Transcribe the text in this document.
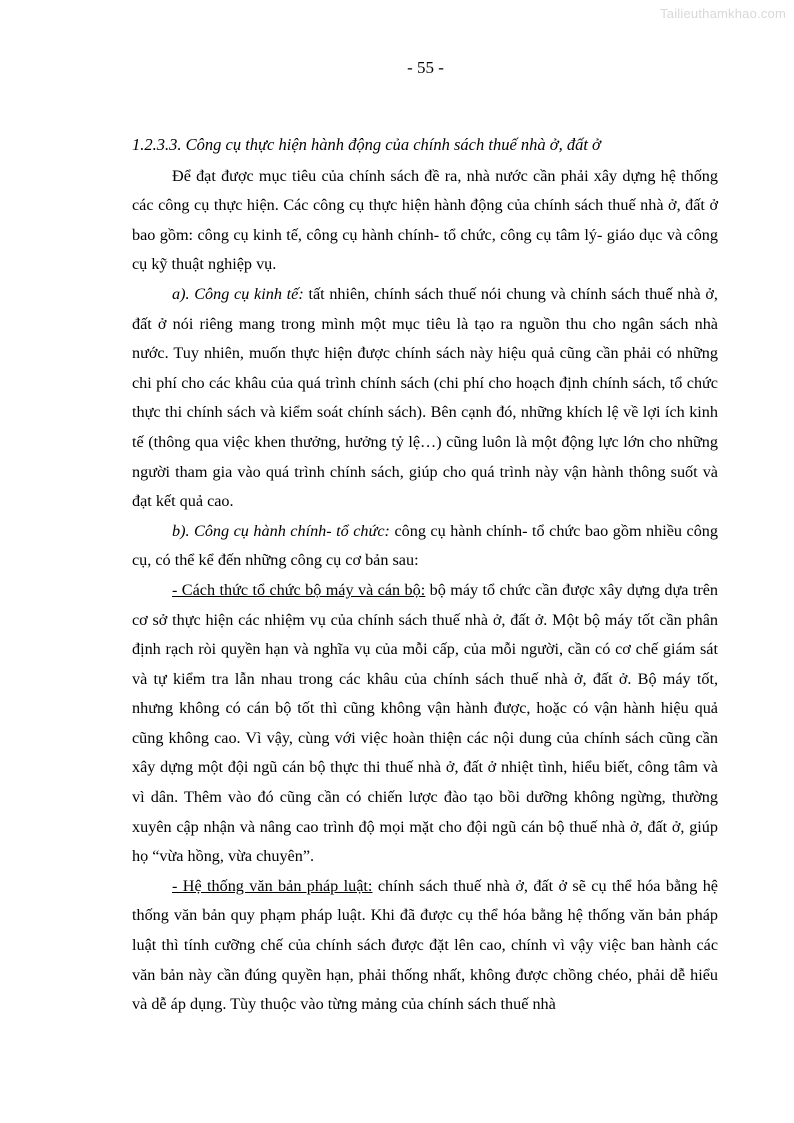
Tailieuthamkhao.com
- 55 -
1.2.3.3. Công cụ thực hiện hành động của chính sách thuế nhà ở, đất ở

Để đạt được mục tiêu của chính sách đề ra, nhà nước cần phải xây dựng hệ thống các công cụ thực hiện. Các công cụ thực hiện hành động của chính sách thuế nhà ở, đất ở bao gồm: công cụ kinh tế, công cụ hành chính- tổ chức, công cụ tâm lý- giáo dục và công cụ kỹ thuật nghiệp vụ.

a). Công cụ kinh tế: tất nhiên, chính sách thuế nói chung và chính sách thuế nhà ở, đất ở nói riêng mang trong mình một mục tiêu là tạo ra nguồn thu cho ngân sách nhà nước. Tuy nhiên, muốn thực hiện được chính sách này hiệu quả cũng cần phải có những chi phí cho các khâu của quá trình chính sách (chi phí cho hoạch định chính sách, tổ chức thực thi chính sách và kiểm soát chính sách). Bên cạnh đó, những khích lệ về lợi ích kinh tế (thông qua việc khen thưởng, hưởng tỷ lệ…) cũng luôn là một động lực lớn cho những người tham gia vào quá trình chính sách, giúp cho quá trình này vận hành thông suốt và đạt kết quả cao.

b). Công cụ hành chính- tổ chức: công cụ hành chính- tổ chức bao gồm nhiều công cụ, có thể kể đến những công cụ cơ bản sau:

- Cách thức tổ chức bộ máy và cán bộ: bộ máy tổ chức cần được xây dựng dựa trên cơ sở thực hiện các nhiệm vụ của chính sách thuế nhà ở, đất ở. Một bộ máy tốt cần phân định rạch ròi quyền hạn và nghĩa vụ của mỗi cấp, của mỗi người, cần có cơ chế giám sát và tự kiểm tra lẫn nhau trong các khâu của chính sách thuế nhà ở, đất ở. Bộ máy tốt, nhưng không có cán bộ tốt thì cũng không vận hành được, hoặc có vận hành hiệu quả cũng không cao. Vì vậy, cùng với việc hoàn thiện các nội dung của chính sách cũng cần xây dựng một đội ngũ cán bộ thực thi thuế nhà ở, đất ở nhiệt tình, hiểu biết, công tâm và vì dân. Thêm vào đó cũng cần có chiến lược đào tạo bồi dưỡng không ngừng, thường xuyên cập nhận và nâng cao trình độ mọi mặt cho đội ngũ cán bộ thuế nhà ở, đất ở, giúp họ “vừa hồng, vừa chuyên”.

- Hệ thống văn bản pháp luật: chính sách thuế nhà ở, đất ở sẽ cụ thể hóa bằng hệ thống văn bản quy phạm pháp luật. Khi đã được cụ thể hóa bằng hệ thống văn bản pháp luật thì tính cưỡng chế của chính sách được đặt lên cao, chính vì vậy việc ban hành các văn bản này cần đúng quyền hạn, phải thống nhất, không được chồng chéo, phải dễ hiểu và dễ áp dụng. Tùy thuộc vào từng mảng của chính sách thuế nhà
